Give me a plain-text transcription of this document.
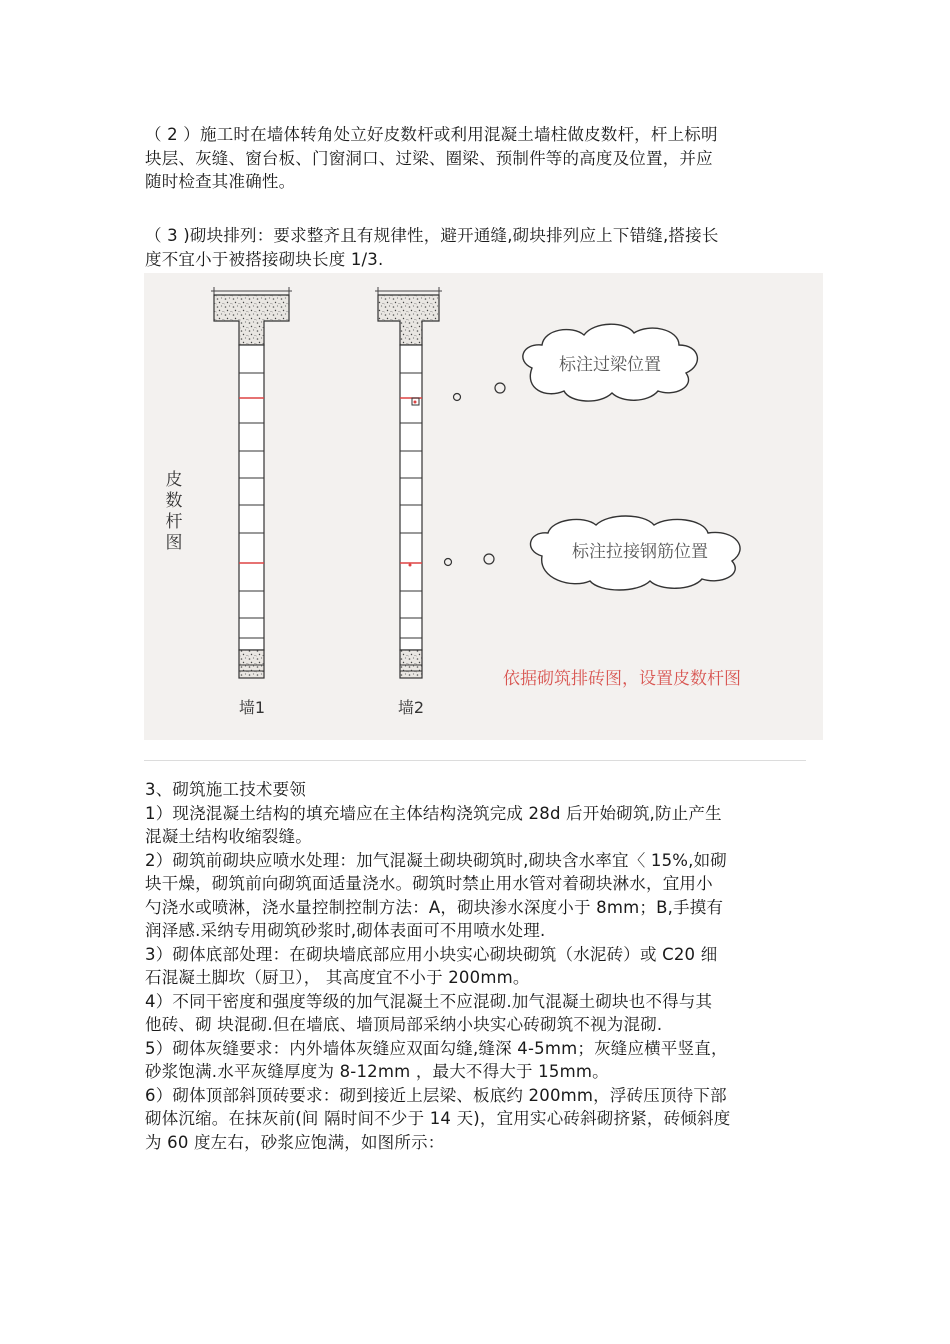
（ 2 ）施工时在墙体转角处立好皮数杆或利用混凝土墙柱做皮数杆，杆上标明

块层、灰缝、窗台板、门窗洞口、过梁、圈梁、预制件等的高度及位置，并应

随时检查其准确性。

（ 3 )砌块排列：要求整齐且有规律性，避开通缝,砌块排列应上下错缝,搭接长

度不宜小于被搭接砌块长度 1/3.

皮
数
杆
图
标注过梁位置
标注拉接钢筋位置
依据砌筑排砖图，设置皮数杆图
墙1	墙2

3、砌筑施工技术要领

1）现浇混凝土结构的填充墙应在主体结构浇筑完成 28d 后开始砌筑,防止产生

混凝土结构收缩裂缝。

2）砌筑前砌块应喷水处理：加气混凝土砌块砌筑时,砌块含水率宜〈 15%,如砌

块干燥，砌筑前向砌筑面适量浇水。砌筑时禁止用水管对着砌块淋水，宜用小

勺浇水或喷淋，浇水量控制控制方法：A，砌块渗水深度小于 8mm；B,手摸有

润泽感.采纳专用砌筑砂浆时,砌体表面可不用喷水处理.

3）砌体底部处理：在砌块墙底部应用小块实心砌块砌筑（水泥砖）或 C20 细

石混凝土脚坎（厨卫）， 其高度宜不小于 200mm。

4）不同干密度和强度等级的加气混凝土不应混砌.加气混凝土砌块也不得与其

他砖、砌 块混砌.但在墙底、墙顶局部采纳小块实心砖砌筑不视为混砌.

5）砌体灰缝要求：内外墙体灰缝应双面勾缝,缝深 4-5mm；灰缝应横平竖直，

砂浆饱满.水平灰缝厚度为 8-12mm ，最大不得大于 15mm。

6）砌体顶部斜顶砖要求：砌到接近上层梁、板底约 200mm，浮砖压顶待下部

砌体沉缩。在抹灰前(间 隔时间不少于 14 天)，宜用实心砖斜砌挤紧，砖倾斜度

为 60 度左右，砂浆应饱满，如图所示：
